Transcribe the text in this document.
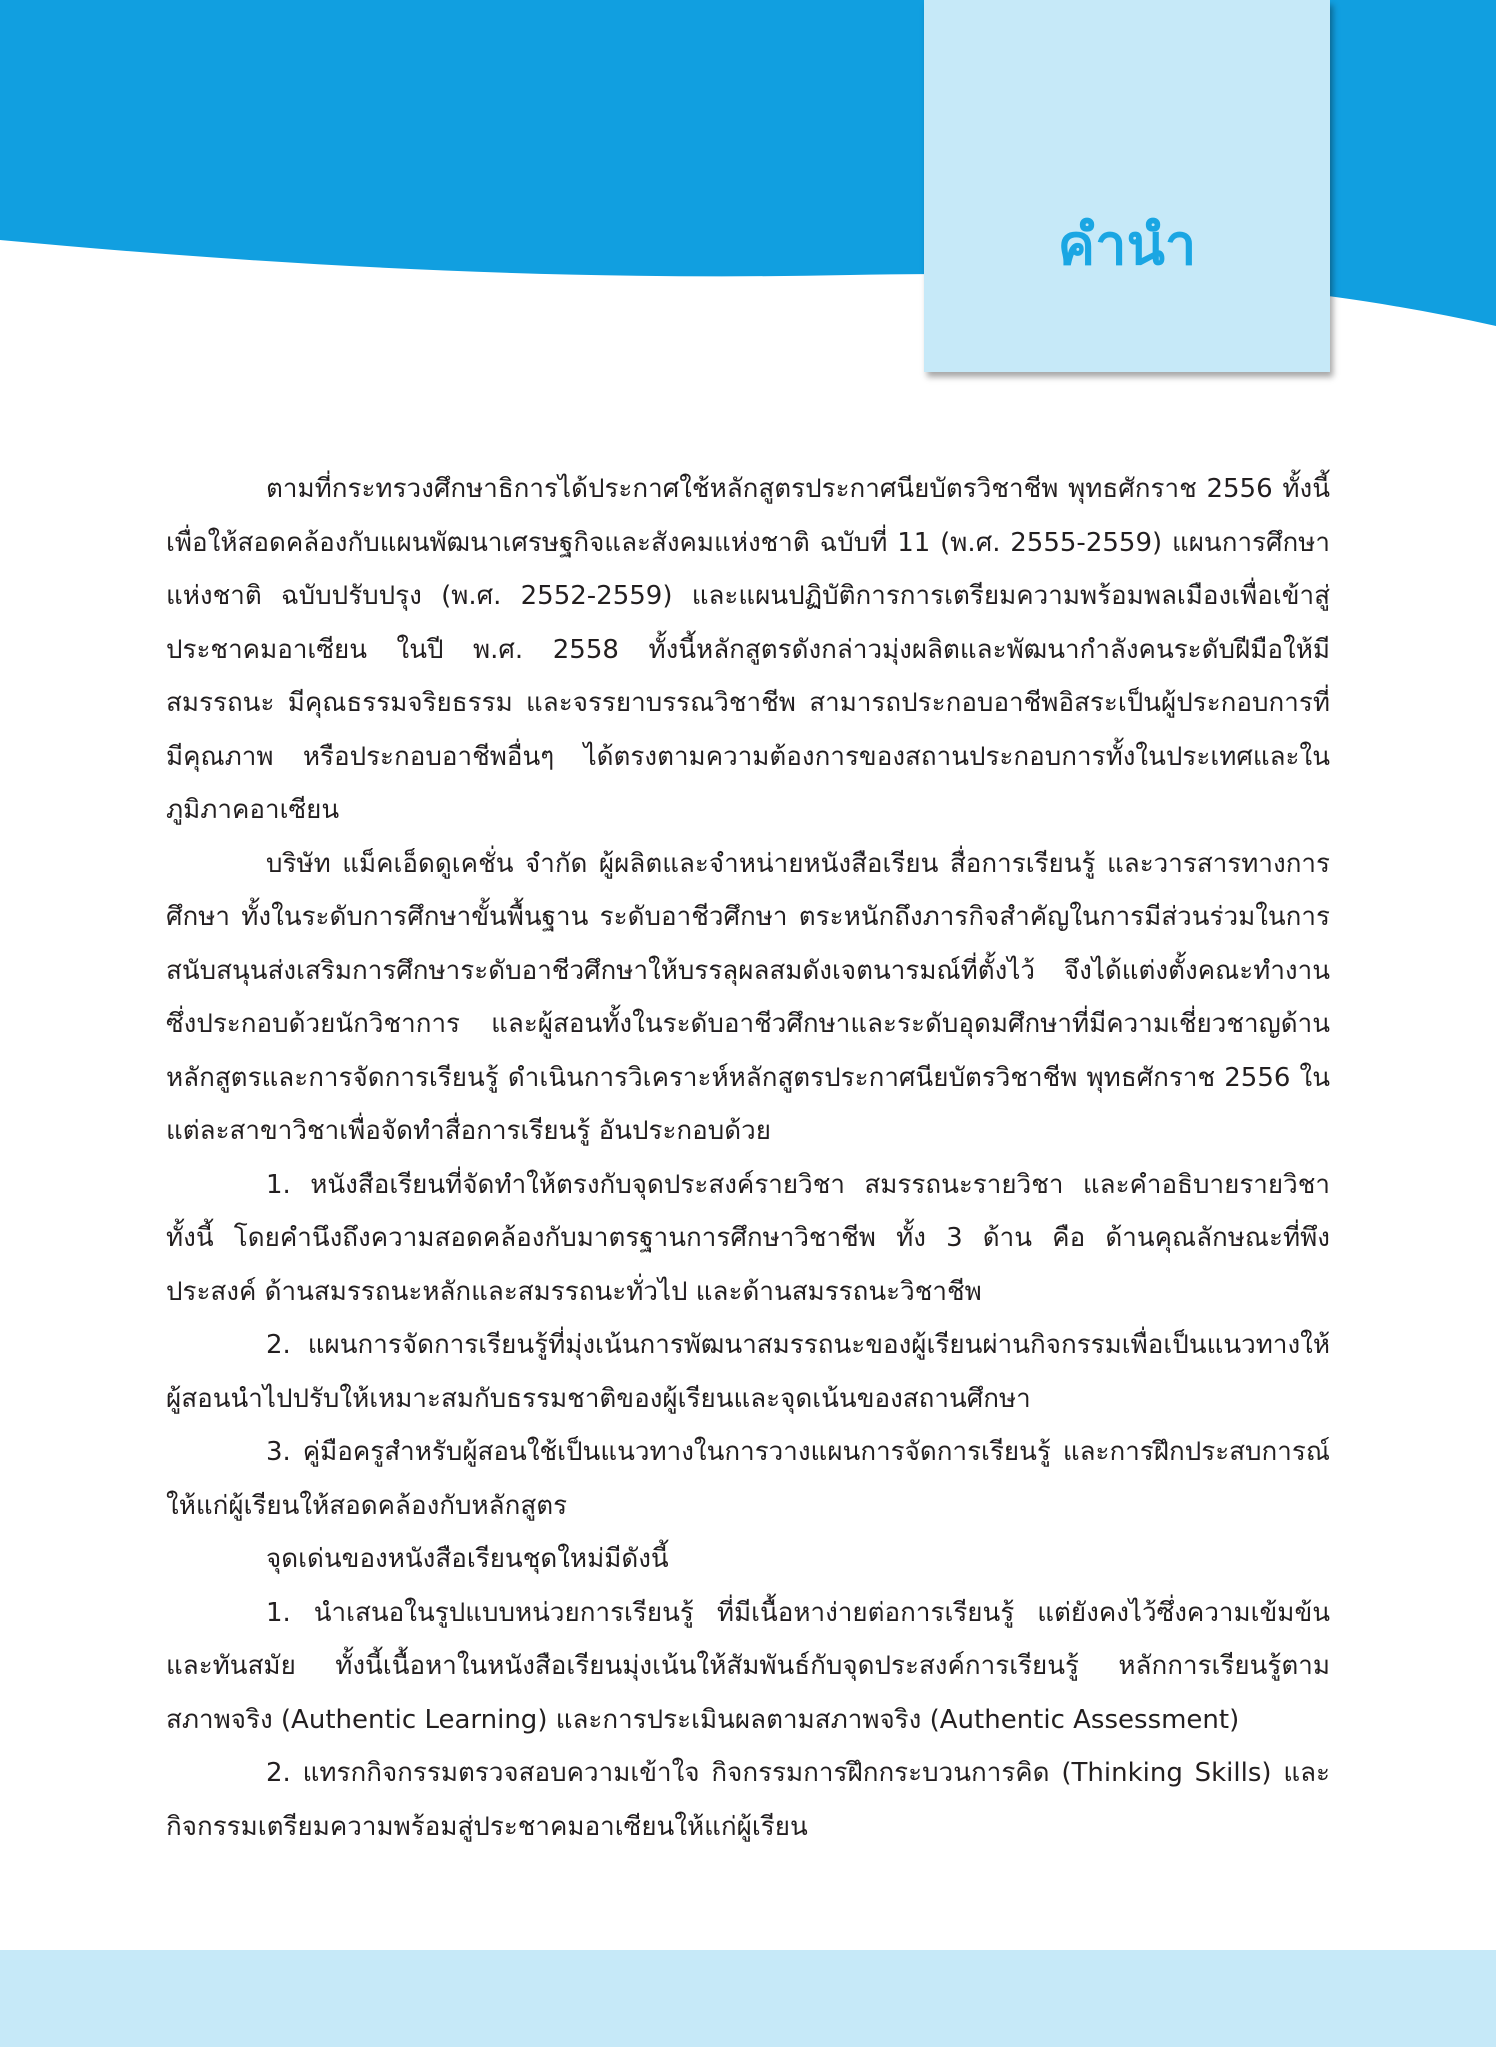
คำนำ

ตามที่กระทรวงศึกษาธิการได้ประกาศใช้หลักสูตรประกาศนียบัตรวิชาชีพ พุทธศักราช 2556 ทั้งนี้เพื่อให้สอดคล้องกับแผนพัฒนาเศรษฐกิจและสังคมแห่งชาติ ฉบับที่ 11 (พ.ศ. 2555-2559) แผนการศึกษาแห่งชาติ ฉบับปรับปรุง (พ.ศ. 2552-2559) และแผนปฏิบัติการการเตรียมความพร้อมพลเมืองเพื่อเข้าสู่ประชาคมอาเซียน ในปี พ.ศ. 2558 ทั้งนี้หลักสูตรดังกล่าวมุ่งผลิตและพัฒนากำลังคนระดับฝีมือให้มีสมรรถนะ มีคุณธรรมจริยธรรม และจรรยาบรรณวิชาชีพ สามารถประกอบอาชีพอิสระเป็นผู้ประกอบการที่มีคุณภาพ หรือประกอบอาชีพอื่นๆ ได้ตรงตามความต้องการของสถานประกอบการทั้งในประเทศและในภูมิภาคอาเซียน

บริษัท แม็คเอ็ดดูเคชั่น จำกัด ผู้ผลิตและจำหน่ายหนังสือเรียน สื่อการเรียนรู้ และวารสารทางการศึกษา ทั้งในระดับการศึกษาขั้นพื้นฐาน ระดับอาชีวศึกษา ตระหนักถึงภารกิจสำคัญในการมีส่วนร่วมในการสนับสนุนส่งเสริมการศึกษาระดับอาชีวศึกษาให้บรรลุผลสมดังเจตนารมณ์ที่ตั้งไว้ จึงได้แต่งตั้งคณะทำงานซึ่งประกอบด้วยนักวิชาการ และผู้สอนทั้งในระดับอาชีวศึกษาและระดับอุดมศึกษาที่มีความเชี่ยวชาญด้านหลักสูตรและการจัดการเรียนรู้ ดำเนินการวิเคราะห์หลักสูตรประกาศนียบัตรวิชาชีพ พุทธศักราช 2556 ในแต่ละสาขาวิชาเพื่อจัดทำสื่อการเรียนรู้ อันประกอบด้วย

1. หนังสือเรียนที่จัดทำให้ตรงกับจุดประสงค์รายวิชา สมรรถนะรายวิชา และคำอธิบายรายวิชา ทั้งนี้ โดยคำนึงถึงความสอดคล้องกับมาตรฐานการศึกษาวิชาชีพ ทั้ง 3 ด้าน คือ ด้านคุณลักษณะที่พึงประสงค์ ด้านสมรรถนะหลักและสมรรถนะทั่วไป และด้านสมรรถนะวิชาชีพ

2. แผนการจัดการเรียนรู้ที่มุ่งเน้นการพัฒนาสมรรถนะของผู้เรียนผ่านกิจกรรมเพื่อเป็นแนวทางให้ผู้สอนนำไปปรับให้เหมาะสมกับธรรมชาติของผู้เรียนและจุดเน้นของสถานศึกษา

3. คู่มือครูสำหรับผู้สอนใช้เป็นแนวทางในการวางแผนการจัดการเรียนรู้ และการฝึกประสบการณ์ให้แก่ผู้เรียนให้สอดคล้องกับหลักสูตร

จุดเด่นของหนังสือเรียนชุดใหม่มีดังนี้

1. นำเสนอในรูปแบบหน่วยการเรียนรู้ ที่มีเนื้อหาง่ายต่อการเรียนรู้ แต่ยังคงไว้ซึ่งความเข้มข้นและทันสมัย ทั้งนี้เนื้อหาในหนังสือเรียนมุ่งเน้นให้สัมพันธ์กับจุดประสงค์การเรียนรู้ หลักการเรียนรู้ตามสภาพจริง (Authentic Learning) และการประเมินผลตามสภาพจริง (Authentic Assessment)

2. แทรกกิจกรรมตรวจสอบความเข้าใจ กิจกรรมการฝึกกระบวนการคิด (Thinking Skills) และกิจกรรมเตรียมความพร้อมสู่ประชาคมอาเซียนให้แก่ผู้เรียน
